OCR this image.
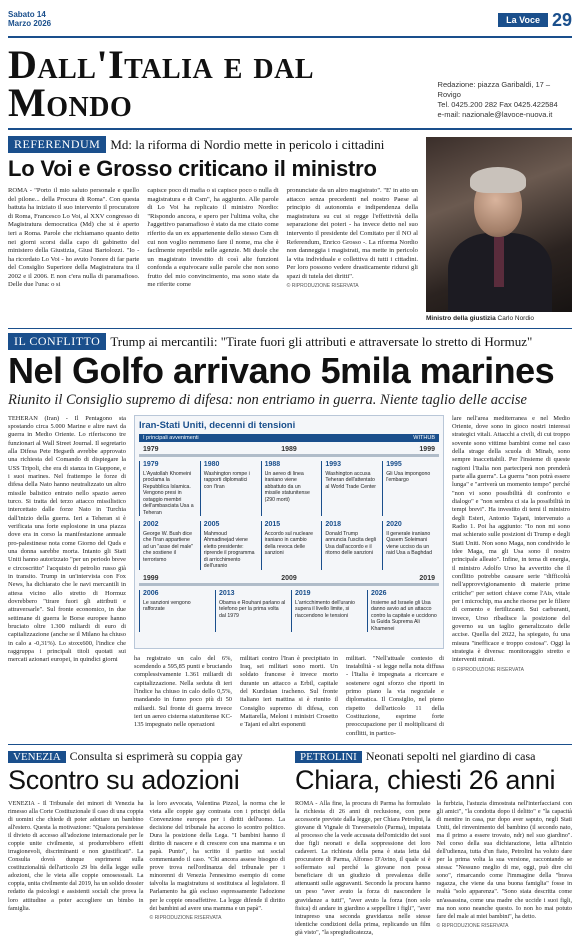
Sabato 14
Marzo 2026	La Voce 29
Dall'Italia e dal Mondo	Redazione: piazza Garibaldi, 17 – Rovigo
Tel. 0425.200 282 Fax 0425.422584
e-mail: nazionale@lavoce-nuova.it
REFERENDUM Md: la riforma di Nordio mette in pericolo i cittadini
Lo Voi e Grosso criticano il ministro
ROMA - "Porto il mio saluto personale e quello del pilone... della Procura di Roma". Con questa battuta ha iniziato il suo intervento il procuratore di Roma, Francesco Lo Voi, al XXV congresso di Magistratura democratica (Md) che si è aperto ieri a Roma. Parole che richiamano quanto detto nei giorni scorsi dalla capo di gabinetto del ministero della Giustizia, Giusi Bartolozzi. "Io - ha ricordato Lo Voi - ho avuto l'onore di far parte del Consiglio Superiore della Magistratura tra il 2002 e il 2006. E non c'era nulla di paramafioso. Delle due l'una: o si
capisce poco di mafia o si capisce poco o nulla di magistratura e di Csm", ha aggiunto. Alle parole di Lo Voi ha replicato il ministro Nordio: "Rispondo ancora, e spero per l'ultima volta, che l'aggettivo paramafioso è stato da me citato come riferito da un ex appartenente dello stesso Csm di cui non voglio nemmeno fare il nome, ma che è facilmente reperibile nelle agenzie. Mi duole che un magistrato investito di così alte funzioni confonda a equivocare sulle parole che non sono frutto del mio convincimento, ma sono state da me riferite come
pronunciate da un altro magistrato". "E' in atto un attacco senza precedenti nel nostro Paese al principio di autonomia e indipendenza della magistratura su cui si regge l'effettività della separazione dei poteri - ha invece detto nel suo intervento il presidente del Comitato per il NO al Referendum, Enrico Grosso -. La riforma Nordio non danneggia i magistrati, ma mette in pericolo la vita individuale e collettiva di tutti i cittadini. Per loro possono vedere drasticamente ridursi gli spazi di tutela dei diritti".
© RIPRODUZIONE RISERVATA
Ministro della giustizia Carlo Nordio
IL CONFLITTO Trump ai mercantili: "Tirate fuori gli attributi e attraversate lo stretto di Hormuz"
Nel Golfo arrivano 5mila marines
Riunito il Consiglio supremo di difesa: non entriamo in guerra. Niente taglio delle accise
TEHERAN (Iran) - Il Pentagono sta spostando circa 5.000 Marine e altre navi da guerra in Medio Oriente. Lo riferiscono tre funzionari al Wall Street Journal. Il segretario alla Difesa Pete Hegseth avrebbe approvato una richiesta del Comando di dispiegare la USS Tripoli, che era di stanza in Giappone, e i suoi marines. Nel frattempo le forze di difesa della Nato hanno neutralizzato un altro missile balistico entrato nello spazio aereo turco. Si tratta del terzo attacco missilistico intercettato dalle forze Nato in Turchia dall'inizio della guerra. Ieri a Teheran si è verificata una forte esplosione in una piazza dove era in corso la manifestazione annuale pro-palestinese nota come Giorno del Quds e una donna sarebbe morta. Intanto gli Stati Uniti hanno autorizzato "per un periodo breve e circoscritto" l'acquisto di petrolio russo già in transito. Trump in un'intervista con Fox News, ha dichiarato che le navi mercantili in attesa vicino allo stretto di Hormuz dovrebbero "tirare fuori gli attributi e attraversarle". Sul fronte economico, in due settimane di guerra le Borse europee hanno bruciato oltre 1.300 miliardi di euro di capitalizzazione (anche se il Milano ha chiuso in calo a -0,31%). Lo stoxx600, l'indice che raggruppa i principali titoli quotati sui mercati azionari europei, in quindici giorni
Iran-Stati Uniti, decenni di tensioni
I principali avvenimenti	WITHUB
1979	1989	1999
1979
L'Ayatollah Khomeini proclama la Repubblica Islamica. Vengono presi in ostaggio membri dell'ambasciata Usa a Teheran
1980
Washington rompe i rapporti diplomatici con l'Iran
1988
Un aereo di linea iraniano viene abbattuto da un missile statunitense (290 morti)
1993
Washington accusa Teheran dell'attentato al World Trade Center
1995
Gli Usa impongono l'embargo
2002
George W. Bush dice che l'Iran appartiene ad un "asse del male" che sostiene il terrorismo
2005
Mahmoud Ahmadinejad viene eletto presidente: riprende il programma di arricchimento dell'uranio
2015
Accordo sul nucleare iraniano in cambio della revoca delle sanzioni
2018
Donald Trump annuncia l'uscita degli Usa dall'accordo e il ritorno delle sanzioni
2020
Il generale iraniano Qasem Soleimani viene ucciso da un raid Usa a Baghdad
1999	2009	2019
2006
Le sanzioni vengono rafforzate
2013
Obama e Rouhani parlano al telefono per la prima volta dal 1979
2019
L'arricchimento dell'uranio supera il livello limite, si riaccendono le tensioni
2026
Insieme ad Israele gli Usa danno avvio ad un attacco contro la capitale e uccidono la Guida Suprema Ali Khamenei
ha registrato un calo del 6%, scendendo a 595,85 punti e bruciando complessivamente 1.361 miliardi di capitalizzazione. Nella seduta di ieri l'indice ha chiuso in calo dello 0,5%, mandando in fumo poco più di 50 miliardi. Sul fronte di guerra invece ieri un aereo cisterna statunitense KC-135 impegnato nelle operazioni
militari contro l'Iran è precipitato in Iraq, sei militari sono morti. Un soldato francese è invece morto durante un attacco a Erbil, capitale del Kurdistan iracheno. Sul fronte italiano ieri mattina si è riunito il Consiglio supremo di difesa, con Mattarella, Meloni i ministri Crosetto e Tajani ed altri esponenti
militari. "Nell'attuale contesto di instabilità - si legge nella nota diffusa - l'Italia è impegnata a ricercare e sostenere ogni sforzo che riporti in primo piano la via negoziale e diplomatica. Il Consiglio, nel pieno rispetto dell'articolo 11 della Costituzione, esprime forte preoccupazione per il moltiplicarsi di conflitti, in partico-
lare nell'area mediterranea e nel Medio Oriente, dove sono in gioco nostri interessi strategici vitali. Attacchi a civili, di cui troppo sovente sono vittime bambini come nel caso della strage della scuola di Minab, sono sempre inaccettabili. Per l'insieme di queste ragioni l'Italia non parteciperà non prenderà parte alla guerra". La guerra "non potrà essere lunga" e "arriverà un momento tempo" perché "non vi sono possibilità di confronto e dialogo" e "non sembra ci sia la possibilità in tempi brevi". Ha investito di temi il ministro degli Esteri, Antonio Tajani, intervenuto a Radio 1. Poi ha aggiunto: "Io non mi sono mai schierato sulle posizioni di Trump e degli Stati Uniti. Non sono Maga, non condivido le idee Maga, ma gli Usa sono il nostro principale alleato". Infine, in tema di energia, il ministro Adolfo Urso ha avvertito che il conflitto potrebbe causare serie "difficoltà nell'approvvigionamento di materie prime critiche" per settori chiave come l'Ais, vitale per i microchip, ma anche risorse per le filiere di cemento e fertilizzanti. Sui carburanti, invece, Urso ribadisce la posizione del governo su un taglio generalizzato delle accise. Quella del 2022, ha spiegato, fu una misura "inefficace e troppo costosa". Oggi la strategia è diversa: monitoraggio stretto e interventi mirati.
© RIPRODUZIONE RISERVATA
VENEZIA Consulta si esprimerà su coppia gay
Scontro su adozioni
VENEZIA - Il Tribunale dei minori di Venezia ha rimesso alla Corte Costituzionale il caso di una coppia di uomini che chiede di poter adottare un bambino all'estero. Questa la motivazione: "Qualora persistesse il divieto di accesso all'adozione internazionale per le coppie unite civilmente, si produrrebbero effetti irragionevoli, discriminanti e non giustificati". La Consulta dovrà dunque esprimersi sulla costituzionalità dell'articolo 29 bis della legge sulle adozioni, che le vieta alle coppie omosessuali. La coppia, unita civilmente dal 2019, ha un solido dossier redatto da psicologi e assistenti sociali che prova la loro attitudine a poter accogliere un bimbo in famiglia.
la loro avvocata, Valentina Pizzol, la norma che le vieta alle coppie gay contrasta con i principi della Convenzione europea per i diritti dell'uomo. La decisione del tribunale ha acceso lo scontro politico. Dura la posizione della Lega. "I bambini hanno il diritto di nascere e di crescere con una mamma e un papà. Punto", ha scritto il partito sui social commentando il caso. "Chi ancora assese bisogno di prove trova nell'ordinanza del tribunale per i minorenni di Venezia l'ennesimo esempio di come talvolta la magistratura si sostituisca al legislatore. Il Parlamento ha già escluso espressamente l'adozione per le coppie omoaffettive. La legge difende il diritto dei bambini ad avere una mamma e un papà".
© RIPRODUZIONE RISERVATA
PETROLINI Neonati sepolti nel giardino di casa
Chiara, chiesti 26 anni
ROMA - Alla fine, la procura di Parma ha formulato la richiesta di 26 anni di reclusione, con pene accessorie previste dalla legge, per Chiara Petrolini, la giovane di Vignale di Traversetolo (Parma), imputata al processo che la vede accusata dell'omicidio dei suoi due figli neonati e della soppressione dei loro cadaveri. La richiesta della pena è stata letta dal procuratore di Parma, Alfonso D'Avino, il quale si è soffermato sul perché la giovane non possa beneficiare di un giudizio di prevalenza delle attenuanti sulle aggravanti. Secondo la procura hanno un peso "aver avuto la forza di nascondere le gravidanze a tutti", "aver avuto la forza (non solo fisica) di andare in giardino a seppellire i figli", "aver intrapreso una seconda gravidanza nelle stesse identiche condizioni della prima, replicando un film già visto", "la spregiudicatezza,
la furbizia, l'astuzia dimostrata nell'interfacciarsi con gli amici", "la condotta dopo il delitto" e "la capacità di mentire in casa, pur dopo aver saputo, negli Stati Uniti, del rinvenimento del bambino (il secondo nato, ma il primo a essere trovato, ndr) nel suo giardino". Nel corso della sua dichiarazione, letta all'inizio dell'udienza, tutta d'un fiato, Petrolini ha voluto dare per la prima volta la sua versione, raccontando se stessa: "Nessuno meglio di me, oggi, può dire chi sono", rimarcando come l'immagine della "brava ragazza, che viene da una buona famiglia" fosse in realtà "solo apparenza". "Sono stata descritta come un'assassina, come una madre che uccide i suoi figli, ma non sono neanche questo. Io non ho mai potuto fare del male ai miei bambini", ha detto.
© RIPRODUZIONE RISERVATA
